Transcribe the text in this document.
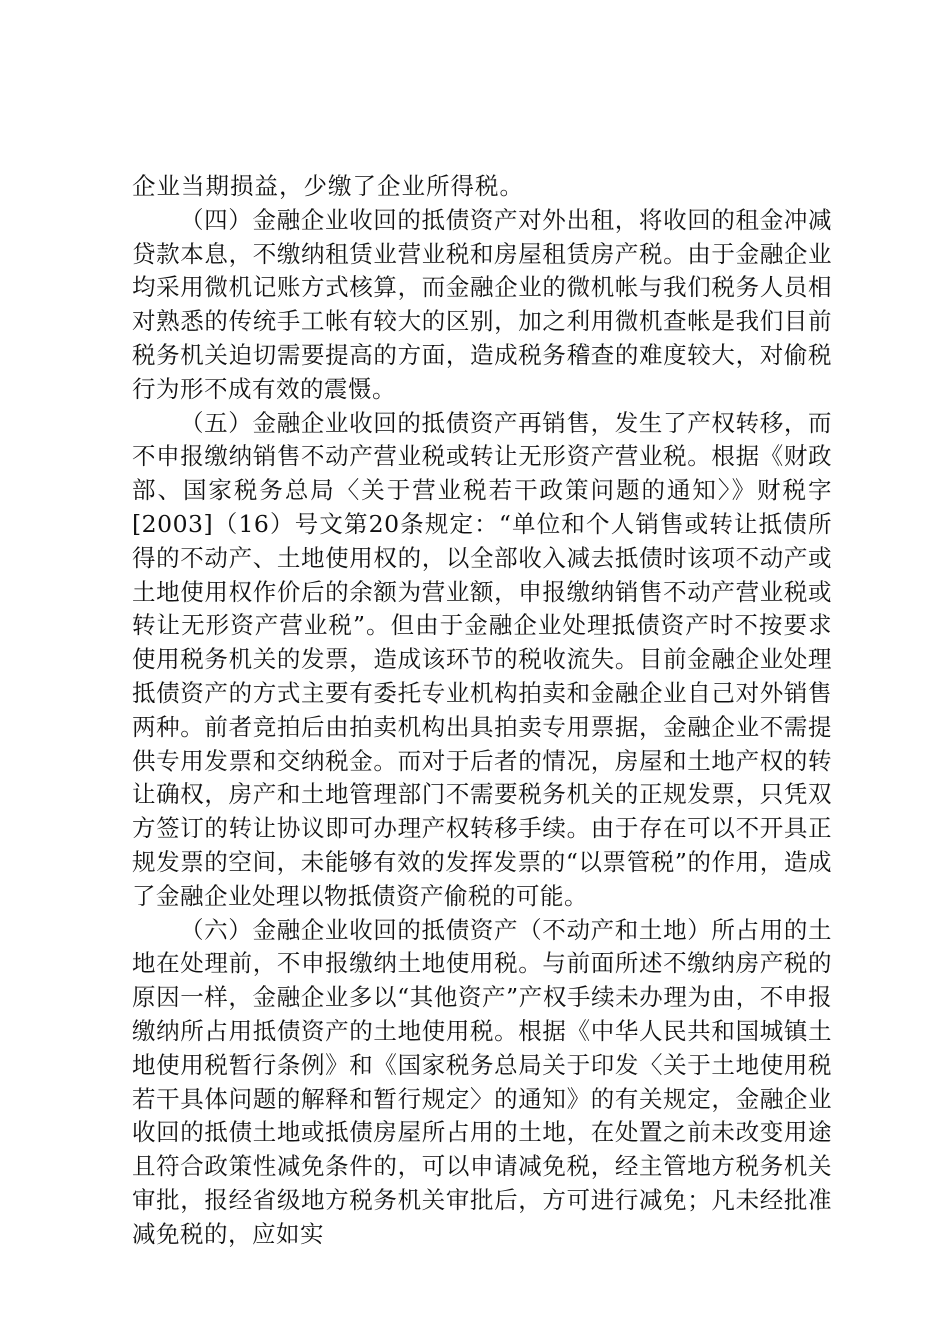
企业当期损益，少缴了企业所得税。

（四）金融企业收回的抵债资产对外出租，将收回的租金冲减贷款本息，不缴纳租赁业营业税和房屋租赁房产税。由于金融企业均采用微机记账方式核算，而金融企业的微机帐与我们税务人员相对熟悉的传统手工帐有较大的区别，加之利用微机查帐是我们目前税务机关迫切需要提高的方面，造成税务稽查的难度较大，对偷税行为形不成有效的震慑。

（五）金融企业收回的抵债资产再销售，发生了产权转移，而不申报缴纳销售不动产营业税或转让无形资产营业税。根据《财政部、国家税务总局〈关于营业税若干政策问题的通知〉》财税字[2003]（16）号文第20条规定：“单位和个人销售或转让抵债所得的不动产、土地使用权的，以全部收入减去抵债时该项不动产或土地使用权作价后的余额为营业额，申报缴纳销售不动产营业税或转让无形资产营业税”。但由于金融企业处理抵债资产时不按要求使用税务机关的发票，造成该环节的税收流失。目前金融企业处理抵债资产的方式主要有委托专业机构拍卖和金融企业自己对外销售两种。前者竞拍后由拍卖机构出具拍卖专用票据，金融企业不需提供专用发票和交纳税金。而对于后者的情况，房屋和土地产权的转让确权，房产和土地管理部门不需要税务机关的正规发票，只凭双方签订的转让协议即可办理产权转移手续。由于存在可以不开具正规发票的空间，未能够有效的发挥发票的“以票管税”的作用，造成了金融企业处理以物抵债资产偷税的可能。

（六）金融企业收回的抵债资产（不动产和土地）所占用的土地在处理前，不申报缴纳土地使用税。与前面所述不缴纳房产税的原因一样，金融企业多以“其他资产”产权手续未办理为由，不申报缴纳所占用抵债资产的土地使用税。根据《中华人民共和国城镇土地使用税暂行条例》和《国家税务总局关于印发〈关于土地使用税若干具体问题的解释和暂行规定〉的通知》的有关规定，金融企业收回的抵债土地或抵债房屋所占用的土地，在处置之前未改变用途且符合政策性减免条件的，可以申请减免税，经主管地方税务机关审批，报经省级地方税务机关审批后，方可进行减免；凡未经批准减免税的，应如实
